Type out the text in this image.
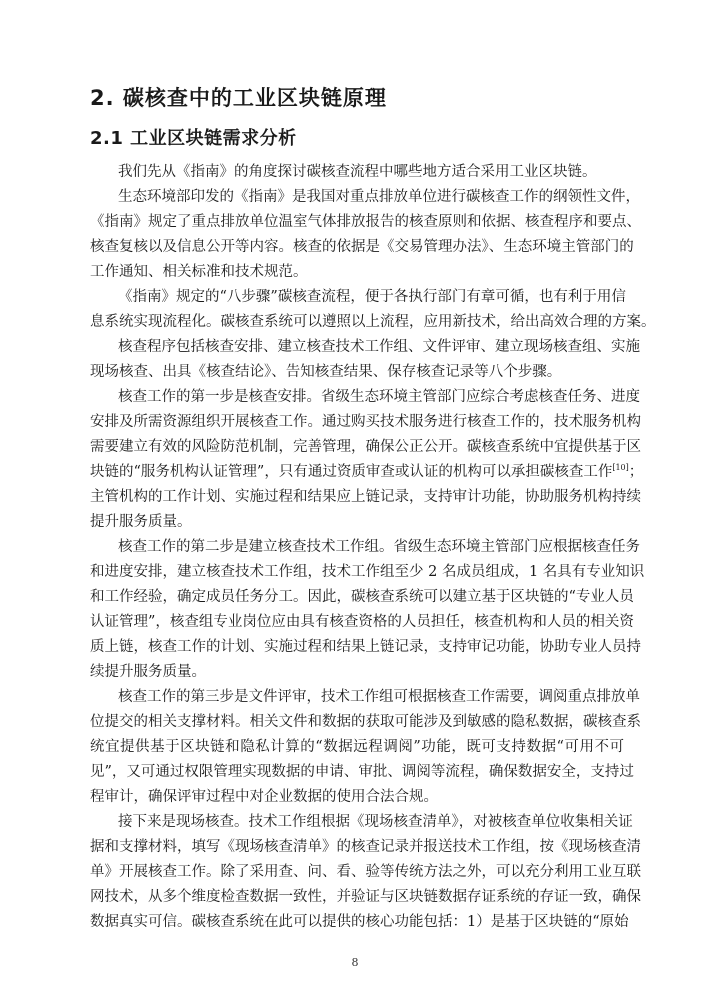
2. 碳核查中的工业区块链原理
2.1 工业区块链需求分析

我们先从《指南》的角度探讨碳核查流程中哪些地方适合采用工业区块链。

生态环境部印发的《指南》是我国对重点排放单位进行碳核查工作的纲领性文件，

《指南》规定了重点排放单位温室气体排放报告的核查原则和依据、核查程序和要点、

核查复核以及信息公开等内容。核查的依据是《交易管理办法》、生态环境主管部门的

工作通知、相关标准和技术规范。

《指南》规定的“八步骤”碳核查流程，便于各执行部门有章可循，也有利于用信

息系统实现流程化。碳核查系统可以遵照以上流程，应用新技术，给出高效合理的方案。

核查程序包括核查安排、建立核查技术工作组、文件评审、建立现场核查组、实施

现场核查、出具《核查结论》、告知核查结果、保存核查记录等八个步骤。

核查工作的第一步是核查安排。省级生态环境主管部门应综合考虑核查任务、进度

安排及所需资源组织开展核查工作。通过购买技术服务进行核查工作的，技术服务机构

需要建立有效的风险防范机制，完善管理，确保公正公开。碳核查系统中宜提供基于区

块链的“服务机构认证管理”，只有通过资质审查或认证的机构可以承担碳核查工作[10]；

主管机构的工作计划、实施过程和结果应上链记录，支持审计功能，协助服务机构持续

提升服务质量。

核查工作的第二步是建立核查技术工作组。省级生态环境主管部门应根据核查任务

和进度安排，建立核查技术工作组，技术工作组至少 2 名成员组成，1 名具有专业知识

和工作经验，确定成员任务分工。因此，碳核查系统可以建立基于区块链的“专业人员

认证管理”，核查组专业岗位应由具有核查资格的人员担任，核查机构和人员的相关资

质上链，核查工作的计划、实施过程和结果上链记录，支持审记功能，协助专业人员持

续提升服务质量。

核查工作的第三步是文件评审，技术工作组可根据核查工作需要，调阅重点排放单

位提交的相关支撑材料。相关文件和数据的获取可能涉及到敏感的隐私数据，碳核查系

统宜提供基于区块链和隐私计算的“数据远程调阅”功能，既可支持数据“可用不可

见”，又可通过权限管理实现数据的申请、审批、调阅等流程，确保数据安全，支持过

程审计，确保评审过程中对企业数据的使用合法合规。

接下来是现场核查。技术工作组根据《现场核查清单》，对被核查单位收集相关证

据和支撑材料，填写《现场核查清单》的核查记录并报送技术工作组，按《现场核查清

单》开展核查工作。除了采用查、问、看、验等传统方法之外，可以充分利用工业互联

网技术，从多个维度检查数据一致性，并验证与区块链数据存证系统的存证一致，确保

数据真实可信。碳核查系统在此可以提供的核心功能包括：1）是基于区块链的“原始

8
